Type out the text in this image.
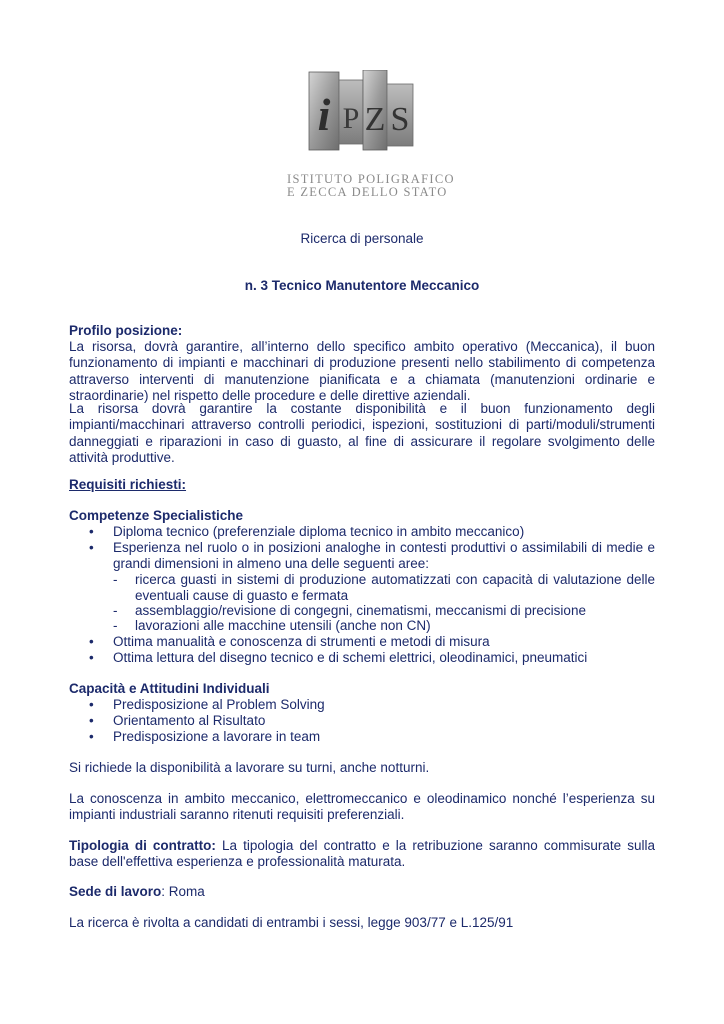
i P Z S
ISTITUTO POLIGRAFICO
E ZECCA DELLO STATO
Ricerca di personale
n. 3 Tecnico Manutentore Meccanico
Profilo posizione:
La risorsa, dovrà garantire, all’interno dello specifico ambito operativo (Meccanica), il buon funzionamento di impianti e macchinari di produzione presenti nello stabilimento di competenza attraverso interventi di manutenzione pianificata e a chiamata (manutenzioni ordinarie e straordinarie) nel rispetto delle procedure e delle direttive aziendali.
La risorsa dovrà garantire la costante disponibilità e il buon funzionamento degli impianti/macchinari attraverso controlli periodici, ispezioni, sostituzioni di parti/moduli/strumenti danneggiati e riparazioni in caso di guasto, al fine di assicurare il regolare svolgimento delle attività produttive.
Requisiti richiesti:
Competenze Specialistiche
• Diploma tecnico (preferenziale diploma tecnico in ambito meccanico)
• Esperienza nel ruolo o in posizioni analoghe in contesti produttivi o assimilabili di medie e grandi dimensioni in almeno una delle seguenti aree:
- ricerca guasti in sistemi di produzione automatizzati con capacità di valutazione delle eventuali cause di guasto e fermata
- assemblaggio/revisione di congegni, cinematismi, meccanismi di precisione
- lavorazioni alle macchine utensili (anche non CN)
• Ottima manualità e conoscenza di strumenti e metodi di misura
• Ottima lettura del disegno tecnico e di schemi elettrici, oleodinamici, pneumatici
Capacità e Attitudini Individuali
• Predisposizione al Problem Solving
• Orientamento al Risultato
• Predisposizione a lavorare in team
Si richiede la disponibilità a lavorare su turni, anche notturni.
La conoscenza in ambito meccanico, elettromeccanico e oleodinamico nonché l’esperienza su impianti industriali saranno ritenuti requisiti preferenziali.
Tipologia di contratto: La tipologia del contratto e la retribuzione saranno commisurate sulla base dell'effettiva esperienza e professionalità maturata.
Sede di lavoro: Roma
La ricerca è rivolta a candidati di entrambi i sessi, legge 903/77 e L.125/91
